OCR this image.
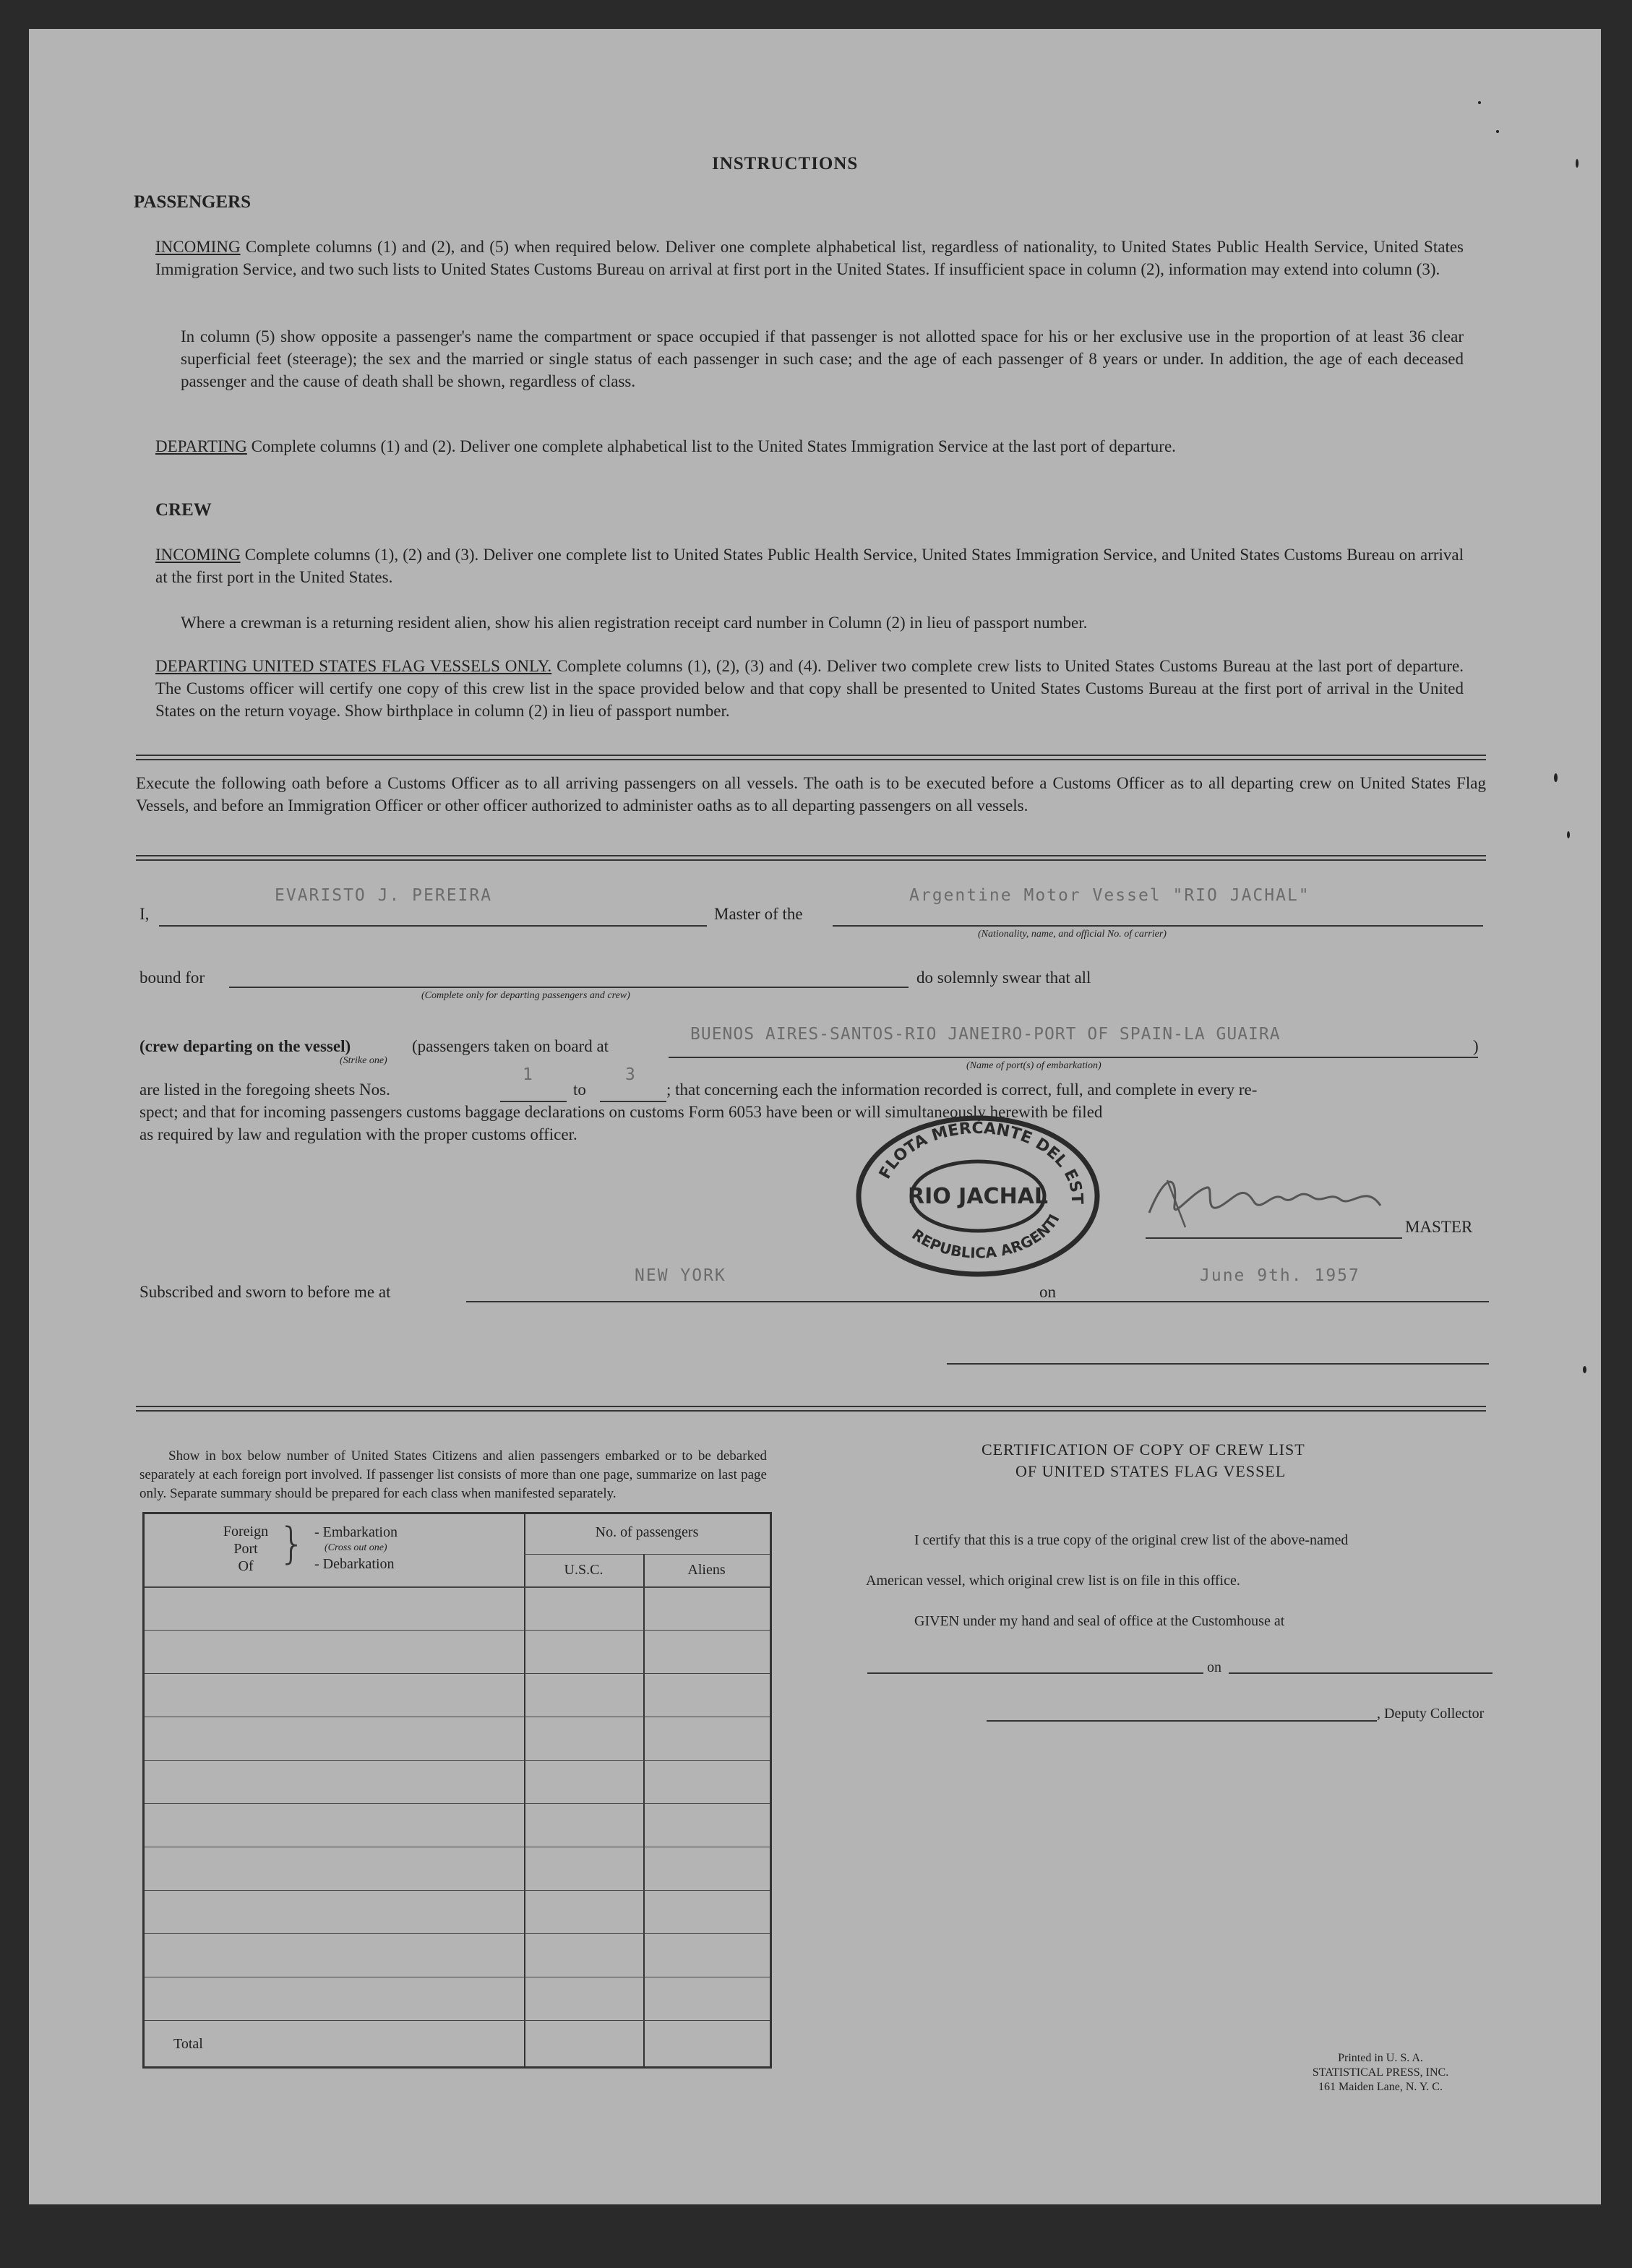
INSTRUCTIONS
PASSENGERS
INCOMING Complete columns (1) and (2), and (5) when required below. Deliver one complete alphabetical list, regardless of nationality, to United States Public Health Service, United States Immigration Service, and two such lists to United States Customs Bureau on arrival at first port in the United States. If insufficient space in column (2), information may extend into column (3).
In column (5) show opposite a passenger's name the compartment or space occupied if that passenger is not allotted space for his or her exclusive use in the proportion of at least 36 clear superficial feet (steerage); the sex and the married or single status of each passenger in such case; and the age of each passenger of 8 years or under. In addition, the age of each deceased passenger and the cause of death shall be shown, regardless of class.
DEPARTING Complete columns (1) and (2). Deliver one complete alphabetical list to the United States Immigration Service at the last port of departure.
CREW
INCOMING Complete columns (1), (2) and (3). Deliver one complete list to United States Public Health Service, United States Immigration Service, and United States Customs Bureau on arrival at the first port in the United States.
Where a crewman is a returning resident alien, show his alien registration receipt card number in Column (2) in lieu of passport number.
DEPARTING UNITED STATES FLAG VESSELS ONLY. Complete columns (1), (2), (3) and (4). Deliver two complete crew lists to United States Customs Bureau at the last port of departure. The Customs officer will certify one copy of this crew list in the space provided below and that copy shall be presented to United States Customs Bureau at the first port of arrival in the United States on the return voyage. Show birthplace in column (2) in lieu of passport number.
Execute the following oath before a Customs Officer as to all arriving passengers on all vessels. The oath is to be executed before a Customs Officer as to all departing crew on United States Flag Vessels, and before an Immigration Officer or other officer authorized to administer oaths as to all departing passengers on all vessels.
I,
EVARISTO J. PEREIRA
Master of the
Argentine Motor Vessel "RIO JACHAL"
(Nationality, name, and official No. of carrier)
bound for
(Complete only for departing passengers and crew)
do solemnly swear that all
(crew departing on the vessel)	(passengers taken on board at
(Strike one)
BUENOS AIRES-SANTOS-RIO JANEIRO-PORT OF SPAIN-LA GUAIRA
)
(Name of port(s) of embarkation)
are listed in the foregoing sheets Nos.
1
to
3
; that concerning each the information recorded is correct, full, and complete in every re-
spect; and that for incoming passengers customs baggage declarations on customs Form 6053 have been or will simultaneously herewith be filed
as required by law and regulation with the proper customs officer.
FLOTA MERCANTE DEL EST
RIO JACHAL
REPUBLICA ARGENTI
MASTER
Subscribed and sworn to before me at
NEW YORK
on
June 9th. 1957
Show in box below number of United States Citizens and alien passengers embarked or to be debarked separately at each foreign port involved. If passenger list consists of more than one page, summarize on last page only. Separate summary should be prepared for each class when manifested separately.
Foreign
Port
Of } - Embarkation
(Cross out one)
- Debarkation
No. of passengers
U.S.C.	Aliens
Total
CERTIFICATION OF COPY OF CREW LIST
OF UNITED STATES FLAG VESSEL
I certify that this is a true copy of the original crew list of the above-named
American vessel, which original crew list is on file in this office.
GIVEN under my hand and seal of office at the Customhouse at
on
, Deputy Collector
Printed in U. S. A.
STATISTICAL PRESS, INC.
161 Maiden Lane, N. Y. C.
